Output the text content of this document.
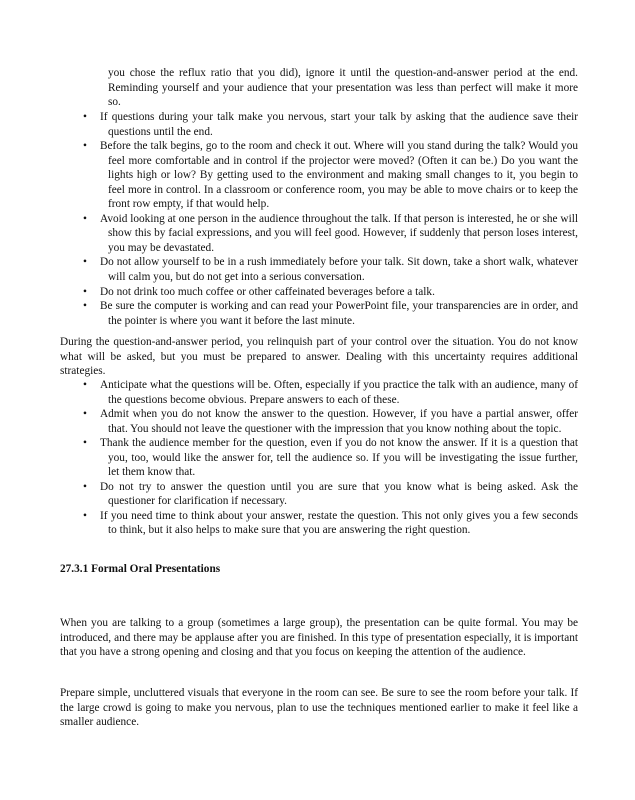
you chose the reflux ratio that you did), ignore it until the question-and-answer period at the end. Reminding yourself and your audience that your presentation was less than perfect will make it more so.
• If questions during your talk make you nervous, start your talk by asking that the audience save their questions until the end.
• Before the talk begins, go to the room and check it out. Where will you stand during the talk? Would you feel more comfortable and in control if the projector were moved? (Often it can be.) Do you want the lights high or low? By getting used to the environment and making small changes to it, you begin to feel more in control. In a classroom or conference room, you may be able to move chairs or to keep the front row empty, if that would help.
• Avoid looking at one person in the audience throughout the talk. If that person is interested, he or she will show this by facial expressions, and you will feel good. However, if suddenly that person loses interest, you may be devastated.
• Do not allow yourself to be in a rush immediately before your talk. Sit down, take a short walk, whatever will calm you, but do not get into a serious conversation.
• Do not drink too much coffee or other caffeinated beverages before a talk.
• Be sure the computer is working and can read your PowerPoint file, your transparencies are in order, and the pointer is where you want it before the last minute.

During the question-and-answer period, you relinquish part of your control over the situation. You do not know what will be asked, but you must be prepared to answer. Dealing with this uncertainty requires additional strategies.

• Anticipate what the questions will be. Often, especially if you practice the talk with an audience, many of the questions become obvious. Prepare answers to each of these.
• Admit when you do not know the answer to the question. However, if you have a partial answer, offer that. You should not leave the questioner with the impression that you know nothing about the topic.
• Thank the audience member for the question, even if you do not know the answer. If it is a question that you, too, would like the answer for, tell the audience so. If you will be investigating the issue further, let them know that.
• Do not try to answer the question until you are sure that you know what is being asked. Ask the questioner for clarification if necessary.
• If you need time to think about your answer, restate the question. This not only gives you a few seconds to think, but it also helps to make sure that you are answering the right question.
27.3.1 Formal Oral Presentations

When you are talking to a group (sometimes a large group), the presentation can be quite formal. You may be introduced, and there may be applause after you are finished. In this type of presentation especially, it is important that you have a strong opening and closing and that you focus on keeping the attention of the audience.

Prepare simple, uncluttered visuals that everyone in the room can see. Be sure to see the room before your talk. If the large crowd is going to make you nervous, plan to use the techniques mentioned earlier to make it feel like a smaller audience.
